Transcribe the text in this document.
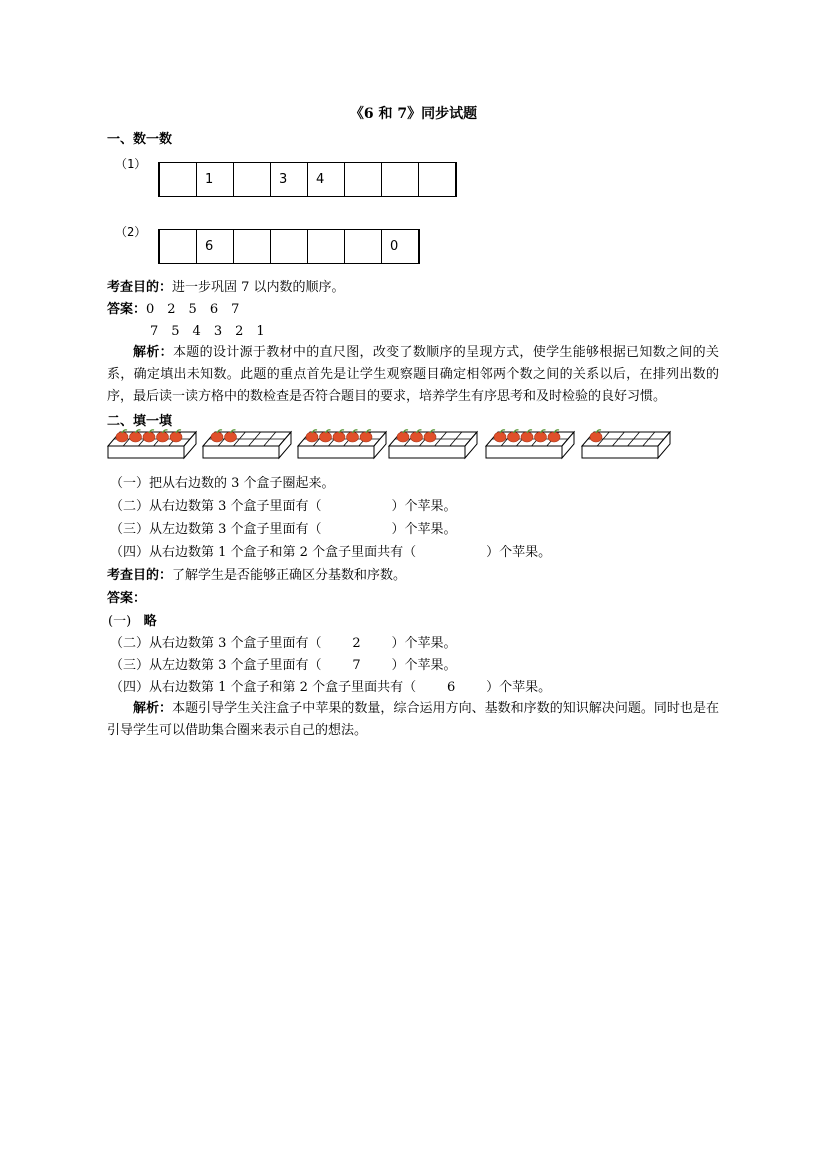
《6 和 7》同步试题
一、数一数
（1）
1	3 4
（2）
6	0
考查目的：进一步巩固 7 以内数的顺序。
答案：0　2　5　6　7
7　5　4　3　2　1
解析：本题的设计源于教材中的直尺图，改变了数顺序的呈现方式，使学生能够根据已知数之间的关系，确定填出未知数。此题的重点首先是让学生观察题目确定相邻两个数之间的关系以后，在排列出数的序，最后读一读方格中的数检查是否符合题目的要求，培养学生有序思考和及时检验的良好习惯。
二、填一填
（一）把从右边数的 3 个盒子圈起来。
（二）从右边数第 3 个盒子里面有（	）个苹果。
（三）从左边数第 3 个盒子里面有（	）个苹果。
（四）从右边数第 1 个盒子和第 2 个盒子里面共有（	）个苹果。
考查目的：了解学生是否能够正确区分基数和序数。
答案：
(一) 略
（二）从右边数第 3 个盒子里面有（ 2 ）个苹果。
（三）从左边数第 3 个盒子里面有（ 7 ）个苹果。
（四）从右边数第 1 个盒子和第 2 个盒子里面共有（ 6 ）个苹果。
解析：本题引导学生关注盒子中苹果的数量，综合运用方向、基数和序数的知识解决问题。同时也是在引导学生可以借助集合圈来表示自己的想法。
